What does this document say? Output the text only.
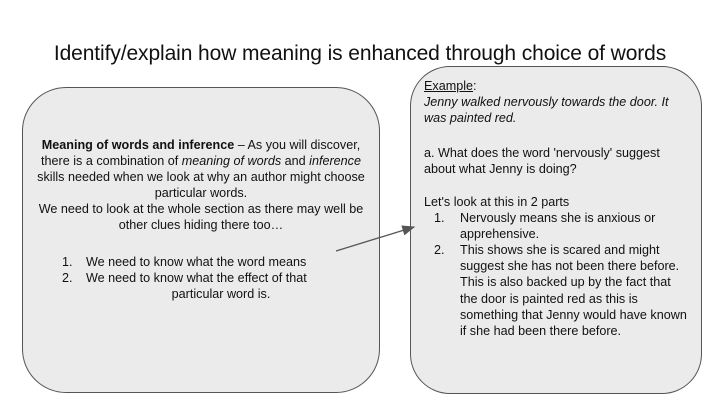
Identify/explain how meaning is enhanced through choice of words
Meaning of words and inference – As you will discover, there is a combination of meaning of words and inference skills needed when we look at why an author might choose particular words.
We need to look at the whole section as there may well be other clues hiding there too…
1.	We need to know what the word means
2.	We need to know what the effect of that
particular word is.
Example:
Jenny walked nervously towards the door. It was painted red.
a. What does the word 'nervously' suggest about what Jenny is doing?
Let's look at this in 2 parts
1.	Nervously means she is anxious or apprehensive.
2.	This shows she is scared and might suggest she has not been there before. This is also backed up by the fact that the door is painted red as this is something that Jenny would have known if she had been there before.
